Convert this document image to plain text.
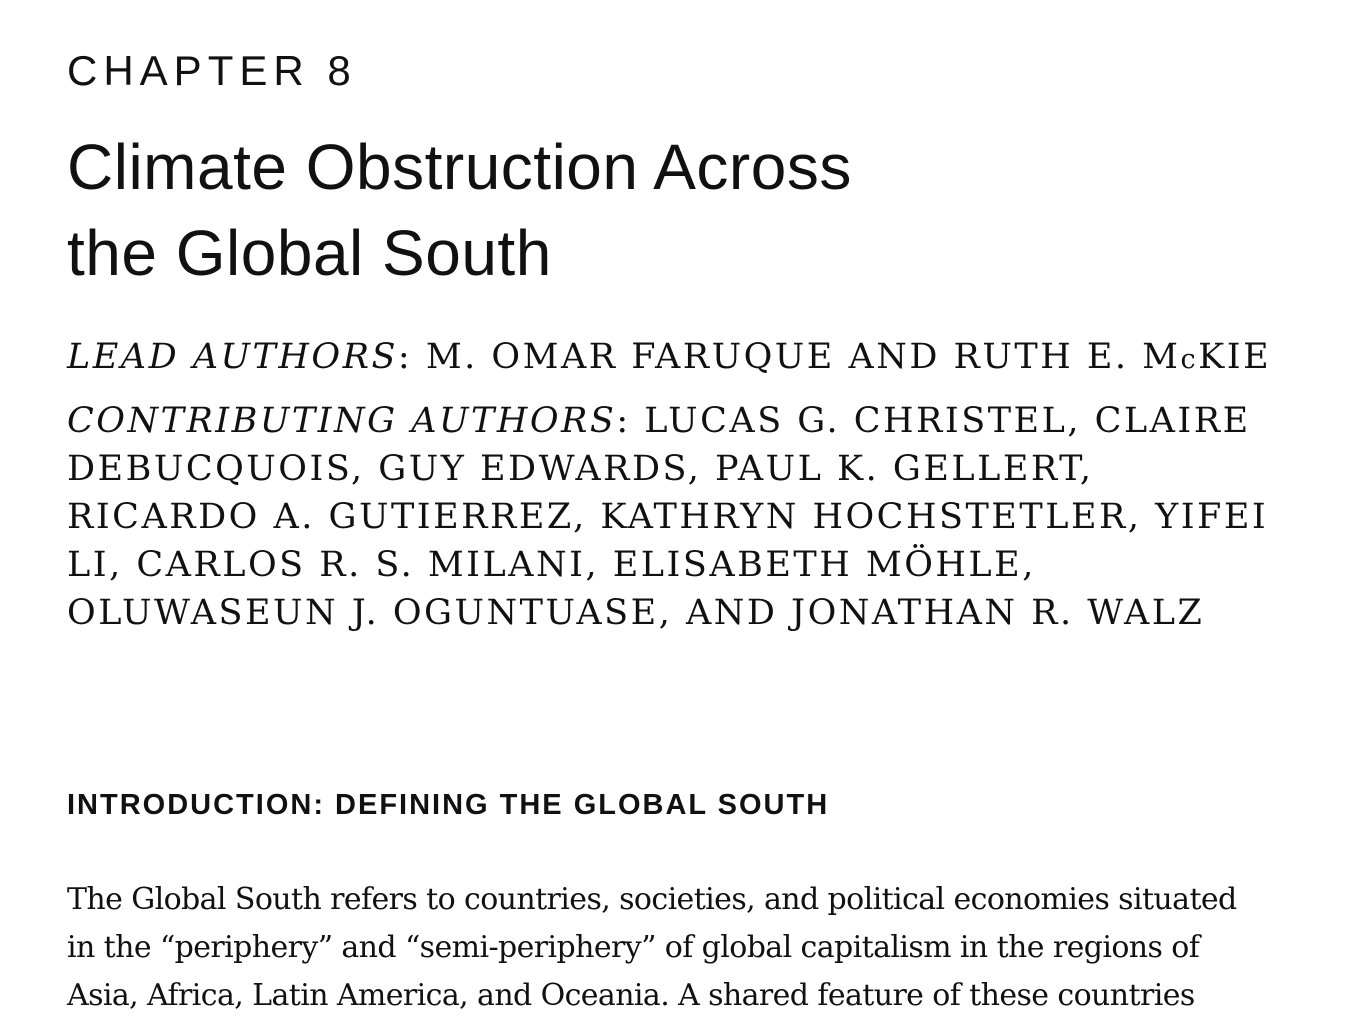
CHAPTER 8
Climate Obstruction Across
the Global South

LEAD AUTHORS: M. OMAR FARUQUE AND RUTH E. McKIE

CONTRIBUTING AUTHORS: LUCAS G. CHRISTEL, CLAIRE
DEBUCQUOIS, GUY EDWARDS, PAUL K. GELLERT,
RICARDO A. GUTIERREZ, KATHRYN HOCHSTETLER, YIFEI
LI, CARLOS R. S. MILANI, ELISABETH MÖHLE,
OLUWASEUN J. OGUNTUASE, AND JONATHAN R. WALZ

INTRODUCTION: DEFINING THE GLOBAL SOUTH

The Global South refers to countries, societies, and political economies situated
in the “periphery” and “semi-periphery” of global capitalism in the regions of
Asia, Africa, Latin America, and Oceania. A shared feature of these countries
